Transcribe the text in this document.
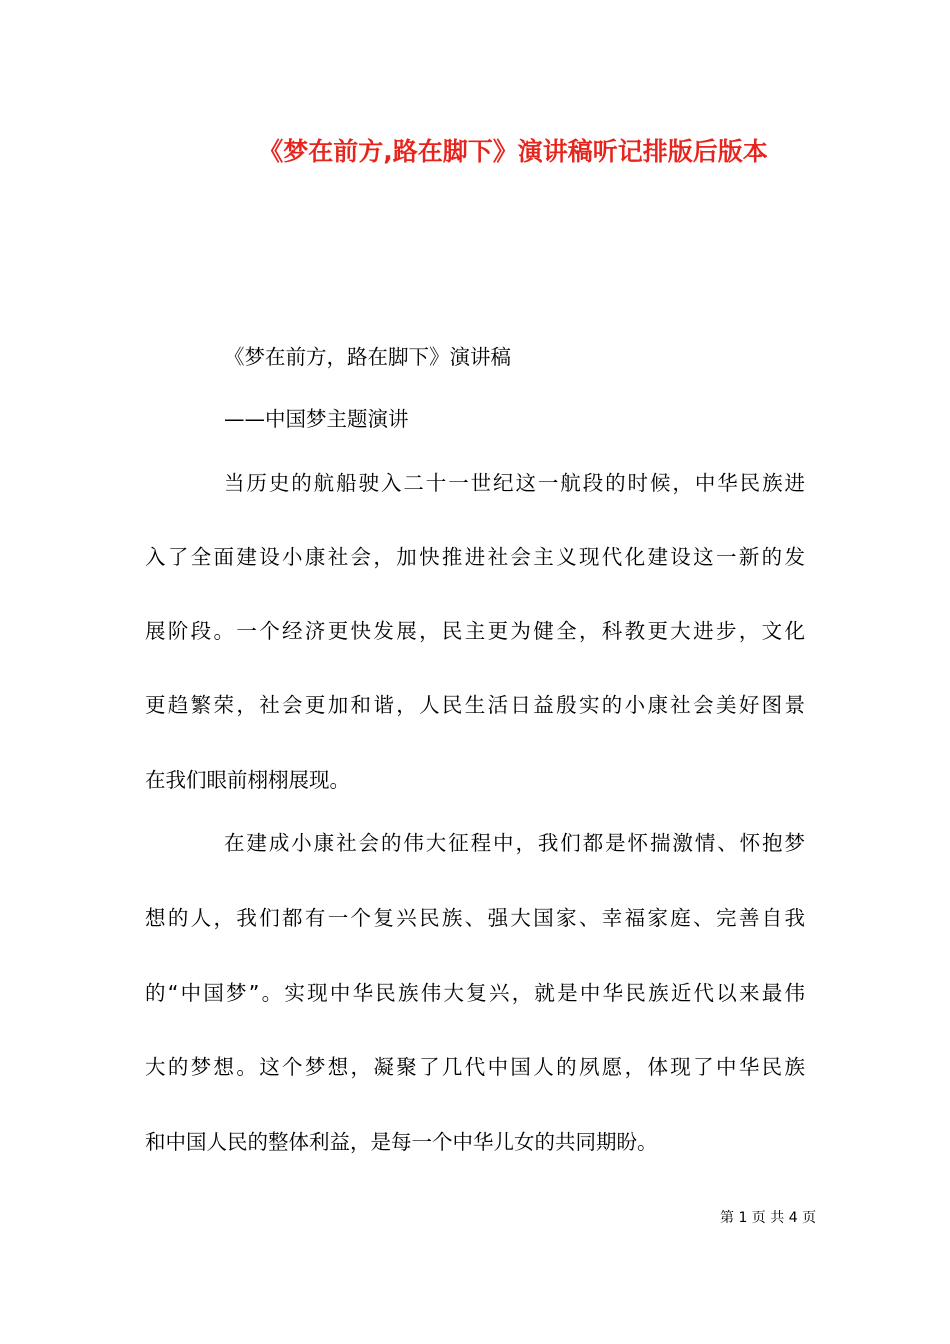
《梦在前方,路在脚下》演讲稿听记排版后版本
《梦在前方，路在脚下》演讲稿
——中国梦主题演讲
当历史的航船驶入二十一世纪这一航段的时候，中华民族进
入了全面建设小康社会，加快推进社会主义现代化建设这一新的发
展阶段。一个经济更快发展，民主更为健全，科教更大进步，文化
更趋繁荣，社会更加和谐，人民生活日益殷实的小康社会美好图景
在我们眼前栩栩展现。
在建成小康社会的伟大征程中，我们都是怀揣激情、怀抱梦
想的人，我们都有一个复兴民族、强大国家、幸福家庭、完善自我
的“中国梦”。实现中华民族伟大复兴，就是中华民族近代以来最伟
大的梦想。这个梦想，凝聚了几代中国人的夙愿，体现了中华民族
和中国人民的整体利益，是每一个中华儿女的共同期盼。
第 1 页 共 4 页
